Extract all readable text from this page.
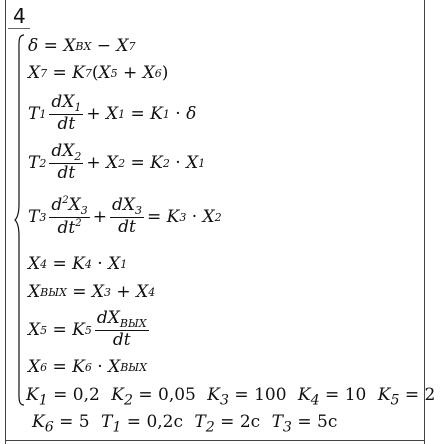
4
δ = X ВХ − X 7
X 7 = K 7 ( X 5 + X 6 )
T $1 \frac{dX_1}{dt} + X$ 1 = K 1 · δ
T $2 \frac{dX_2}{dt} + X$ 2 = K 2 · X 1
T $3 \frac{d^2X_3}{dt^2} + \frac{dX_3}{dt} = K$ 3 · X 2
X 4 = K 4 · X 1
X ВЫХ = X 3 + X 4
X 5 = K $5 \frac{dX_{ВЫХ}}{dt}$
X 6 = K 6 · X ВЫХ
$K_1 = 0,2$ $K_2 = 0,05$ $K_3 = 100$ $K_4 = 10$ $K_5 = 2$
$K_6 = 5$ $T_1 = 0,2c$ $T_2 = 2c$ $T_3 = 5c$
